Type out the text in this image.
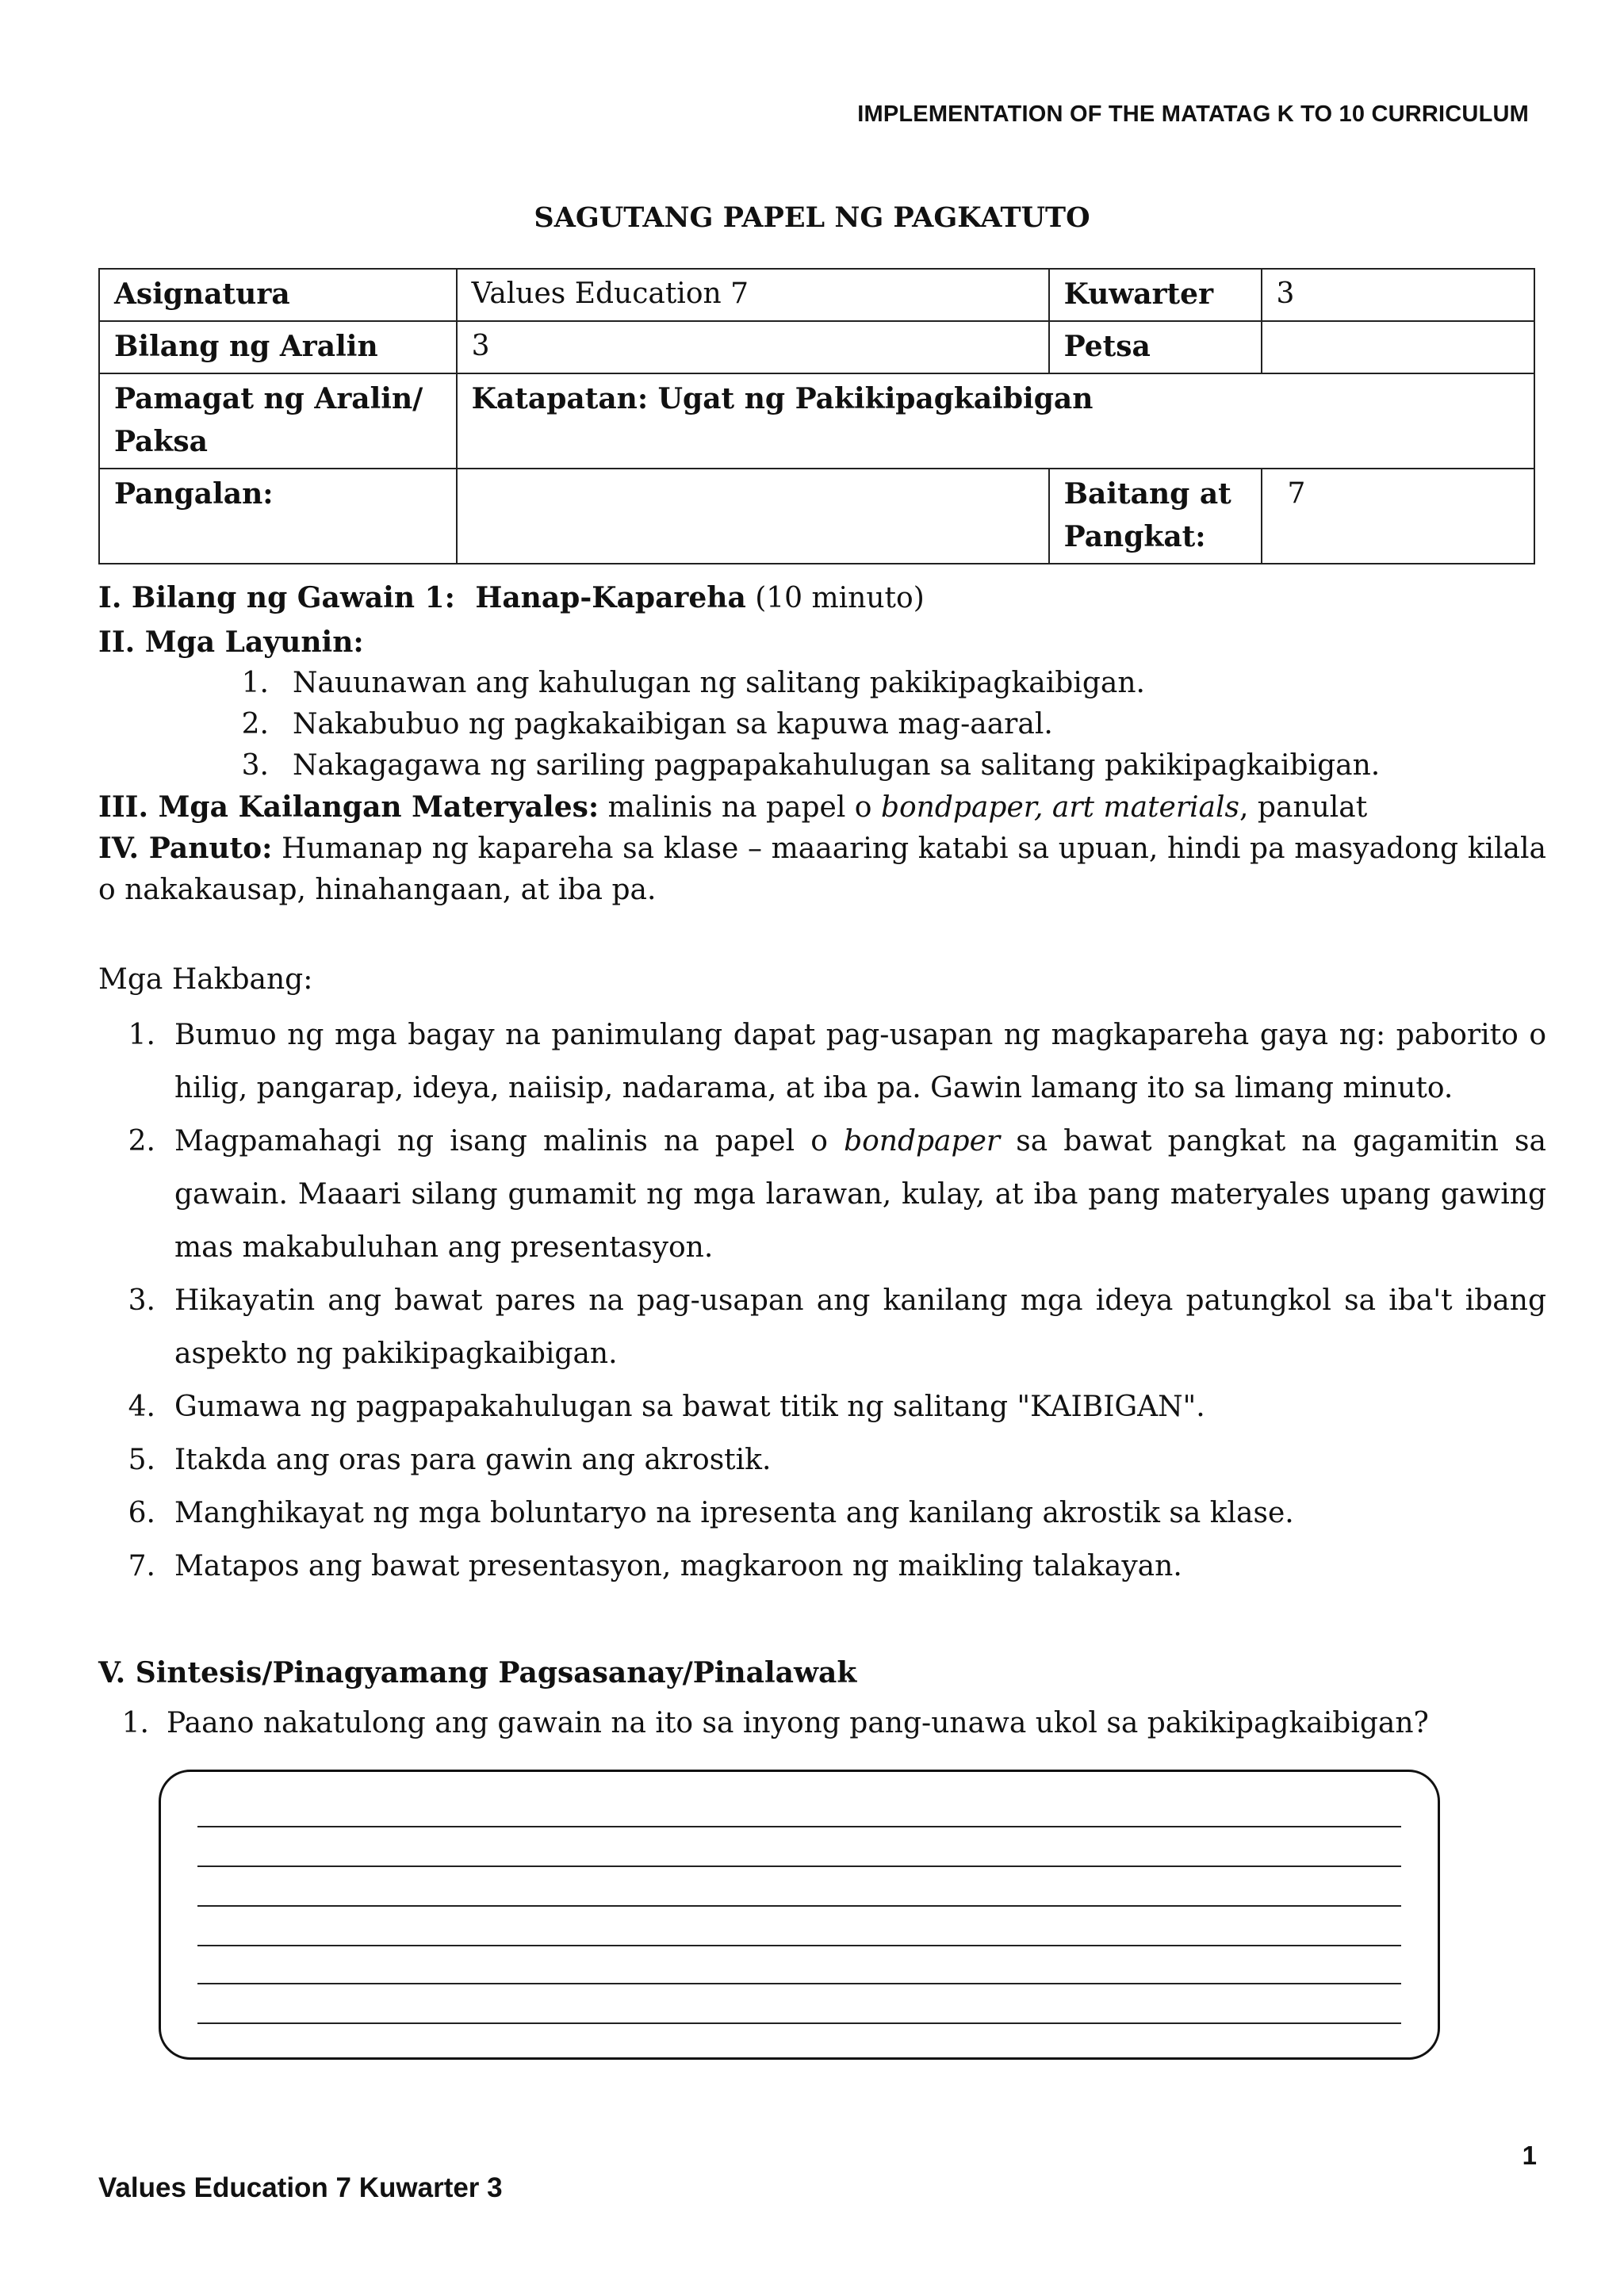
IMPLEMENTATION OF THE MATATAG K TO 10 CURRICULUM
SAGUTANG PAPEL NG PAGKATUTO
Asignatura	Values Education 7	Kuwarter	3
Bilang ng Aralin	3	Petsa	

Pamagat ng Aralin/
Paksa	Katapatan: Ugat ng Pakikipagkaibigan		
Pangalan:		Baitang at
Pangkat:	7
I. Bilang ng Gawain 1: Hanap-Kapareha (10 minuto)
II. Mga Layunin:
1. Nauunawan ang kahulugan ng salitang pakikipagkaibigan.
2. Nakabubuo ng pagkakaibigan sa kapuwa mag-aaral.
3. Nakagagawa ng sariling pagpapakahulugan sa salitang pakikipagkaibigan.
III. Mga Kailangan Materyales: malinis na papel o bondpaper, art materials, panulat
IV. Panuto: Humanap ng kapareha sa klase – maaaring katabi sa upuan, hindi pa masyadong kilala o nakakausap, hinahangaan, at iba pa.
Mga Hakbang:
1. Bumuo ng mga bagay na panimulang dapat pag-usapan ng magkapareha gaya ng: paborito o hilig, pangarap, ideya, naiisip, nadarama, at iba pa. Gawin lamang ito sa limang minuto.
2. Magpamahagi ng isang malinis na papel o bondpaper sa bawat pangkat na gagamitin sa gawain. Maaari silang gumamit ng mga larawan, kulay, at iba pang materyales upang gawing mas makabuluhan ang presentasyon.
3. Hikayatin ang bawat pares na pag-usapan ang kanilang mga ideya patungkol sa iba't ibang aspekto ng pakikipagkaibigan.
4. Gumawa ng pagpapakahulugan sa bawat titik ng salitang "KAIBIGAN".
5. Itakda ang oras para gawin ang akrostik.
6. Manghikayat ng mga boluntaryo na ipresenta ang kanilang akrostik sa klase.
7. Matapos ang bawat presentasyon, magkaroon ng maikling talakayan.
V. Sintesis/Pinagyamang Pagsasanay/Pinalawak
1. Paano nakatulong ang gawain na ito sa inyong pang-unawa ukol sa pakikipagkaibigan?
1
Values Education 7 Kuwarter 3
